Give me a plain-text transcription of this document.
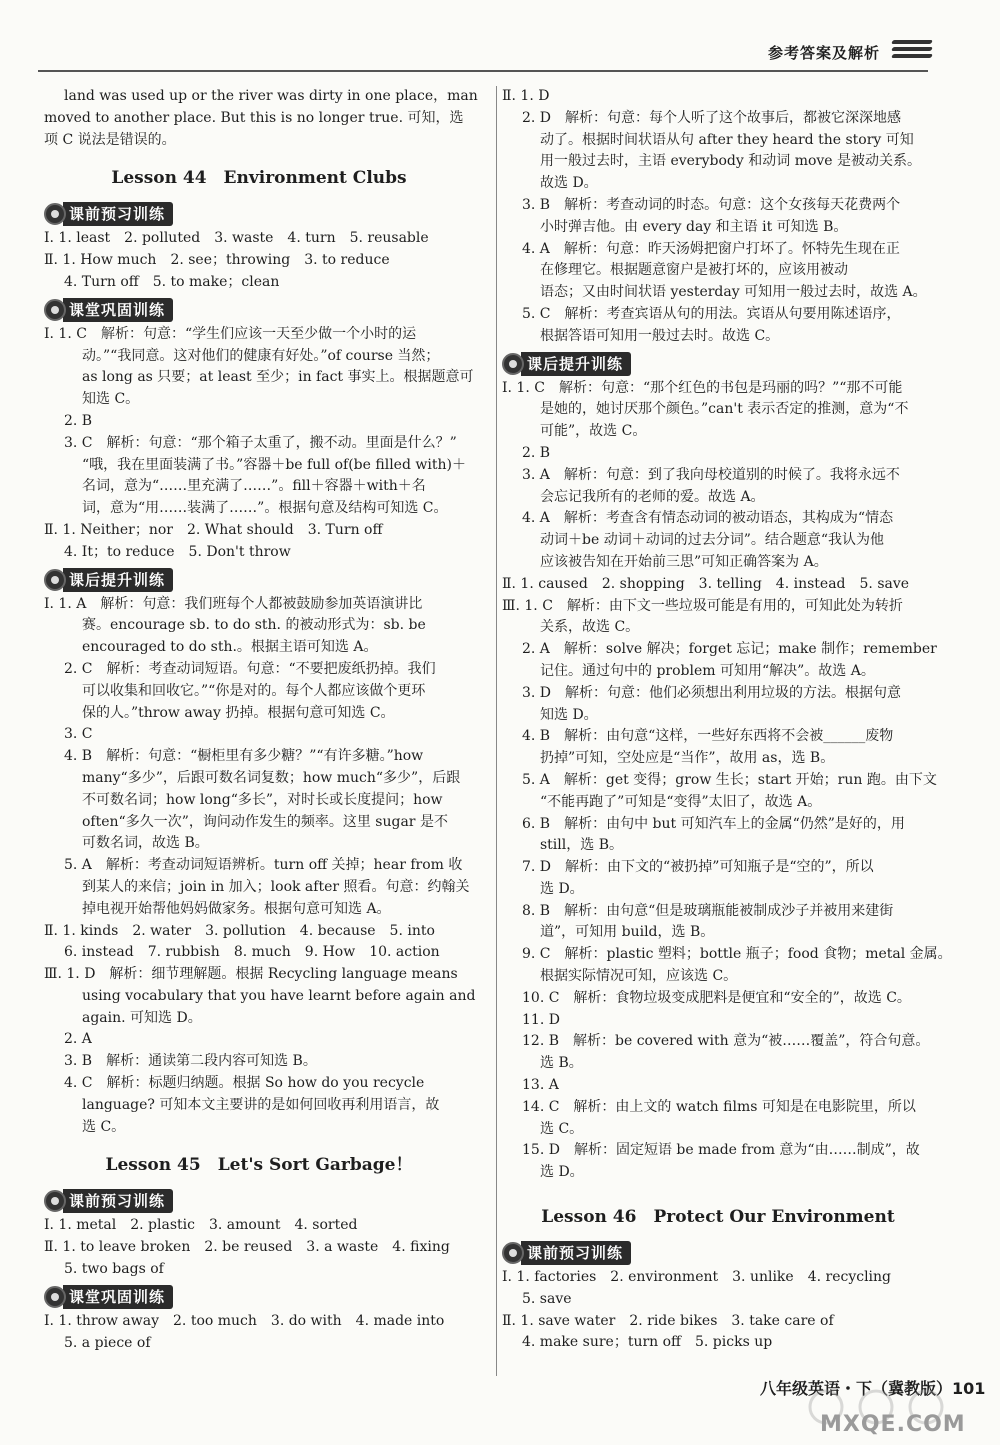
参考答案及解析

land was used up or the river was dirty in one place，man

moved to another place. But this is no longer true. 可知，选

项 C 说法是错误的。

Lesson 44　Environment Clubs
课前预习训练

Ⅰ. 1. least　2. polluted　3. waste　4. turn　5. reusable

Ⅱ. 1. How much　2. see；throwing　3. to reduce

4. Turn off　5. to make；clean

课堂巩固训练

Ⅰ. 1. C　解析：句意：“学生们应该一天至少做一个小时的运

动。”“我同意。这对他们的健康有好处。”of course 当然；

as long as 只要；at least 至少；in fact 事实上。根据题意可

知选 C。

2. B

3. C　解析：句意：“那个箱子太重了，搬不动。里面是什么？”

“哦，我在里面装满了书。”容器＋be full of(be filled with)＋

名词，意为“……里充满了……”。fill＋容器＋with＋名

词，意为“用……装满了……”。根据句意及结构可知选 C。

Ⅱ. 1. Neither；nor　2. What should　3. Turn off

4. It；to reduce　5. Don't throw

课后提升训练

Ⅰ. 1. A　解析：句意：我们班每个人都被鼓励参加英语演讲比

赛。encourage sb. to do sth. 的被动形式为：sb. be

encouraged to do sth.。根据主语可知选 A。

2. C　解析：考查动词短语。句意：“不要把废纸扔掉。我们

可以收集和回收它。”“你是对的。每个人都应该做个更环

保的人。”throw away 扔掉。根据句意可知选 C。

3. C

4. B　解析：句意：“橱柜里有多少糖？”“有许多糖。”how

many“多少”，后跟可数名词复数；how much“多少”，后跟

不可数名词；how long“多长”，对时长或长度提问；how

often“多久一次”，询问动作发生的频率。这里 sugar 是不

可数名词，故选 B。

5. A　解析：考查动词短语辨析。turn off 关掉；hear from 收

到某人的来信；join in 加入；look after 照看。句意：约翰关

掉电视开始帮他妈妈做家务。根据句意可知选 A。

Ⅱ. 1. kinds　2. water　3. pollution　4. because　5. into

6. instead　7. rubbish　8. much　9. How　10. action

Ⅲ. 1. D　解析：细节理解题。根据 Recycling language means

using vocabulary that you have learnt before again and

again. 可知选 D。

2. A

3. B　解析：通读第二段内容可知选 B。

4. C　解析：标题归纳题。根据 So how do you recycle

language? 可知本文主要讲的是如何回收再利用语言，故

选 C。

Lesson 45　Let's Sort Garbage！
课前预习训练

Ⅰ. 1. metal　2. plastic　3. amount　4. sorted

Ⅱ. 1. to leave broken　2. be reused　3. a waste　4. fixing

5. two bags of

课堂巩固训练

Ⅰ. 1. throw away　2. too much　3. do with　4. made into

5. a piece of

Ⅱ. 1. D

2. D　解析：句意：每个人听了这个故事后，都被它深深地感

动了。根据时间状语从句 after they heard the story 可知

用一般过去时，主语 everybody 和动词 move 是被动关系。

故选 D。

3. B　解析：考查动词的时态。句意：这个女孩每天花费两个

小时弹吉他。由 every day 和主语 it 可知选 B。

4. A　解析：句意：昨天汤姆把窗户打坏了。怀特先生现在正

在修理它。根据题意窗户是被打坏的，应该用被动

语态；又由时间状语 yesterday 可知用一般过去时，故选 A。

5. C　解析：考查宾语从句的用法。宾语从句要用陈述语序，

根据答语可知用一般过去时。故选 C。

课后提升训练

Ⅰ. 1. C　解析：句意：“那个红色的书包是玛丽的吗？”“那不可能

是她的，她讨厌那个颜色。”can't 表示否定的推测，意为“不

可能”，故选 C。

2. B

3. A　解析：句意：到了我向母校道别的时候了。我将永远不

会忘记我所有的老师的爱。故选 A。

4. A　解析：考查含有情态动词的被动语态，其构成为“情态

动词＋be 动词＋动词的过去分词”。结合题意“我认为他

应该被告知在开始前三思”可知正确答案为 A。

Ⅱ. 1. caused　2. shopping　3. telling　4. instead　5. save

Ⅲ. 1. C　解析：由下文一些垃圾可能是有用的，可知此处为转折

关系，故选 C。

2. A　解析：solve 解决；forget 忘记；make 制作；remember

记住。通过句中的 problem 可知用“解决”。故选 A。

3. D　解析：句意：他们必须想出利用垃圾的方法。根据句意

知选 D。

4. B　解析：由句意“这样，一些好东西将不会被______废物

扔掉”可知，空处应是“当作”，故用 as，选 B。

5. A　解析：get 变得；grow 生长；start 开始；run 跑。由下文

“不能再跑了”可知是“变得”太旧了，故选 A。

6. B　解析：由句中 but 可知汽车上的金属“仍然”是好的，用

still，选 B。

7. D　解析：由下文的“被扔掉”可知瓶子是“空的”，所以

选 D。

8. B　解析：由句意“但是玻璃瓶能被制成沙子并被用来建街

道”，可知用 build，选 B。

9. C　解析：plastic 塑料；bottle 瓶子；food 食物；metal 金属。

根据实际情况可知，应该选 C。

10. C　解析：食物垃圾变成肥料是便宜和“安全的”，故选 C。

11. D

12. B　解析：be covered with 意为“被……覆盖”，符合句意。

选 B。

13. A

14. C　解析：由上文的 watch films 可知是在电影院里，所以

选 C。

15. D　解析：固定短语 be made from 意为“由……制成”，故

选 D。

Lesson 46　Protect Our Environment
课前预习训练

Ⅰ. 1. factories　2. environment　3. unlike　4. recycling

5. save

Ⅱ. 1. save water　2. ride bikes　3. take care of

4. make sure；turn off　5. picks up

八年级英语・下（冀教版）101
MXQE.COM
